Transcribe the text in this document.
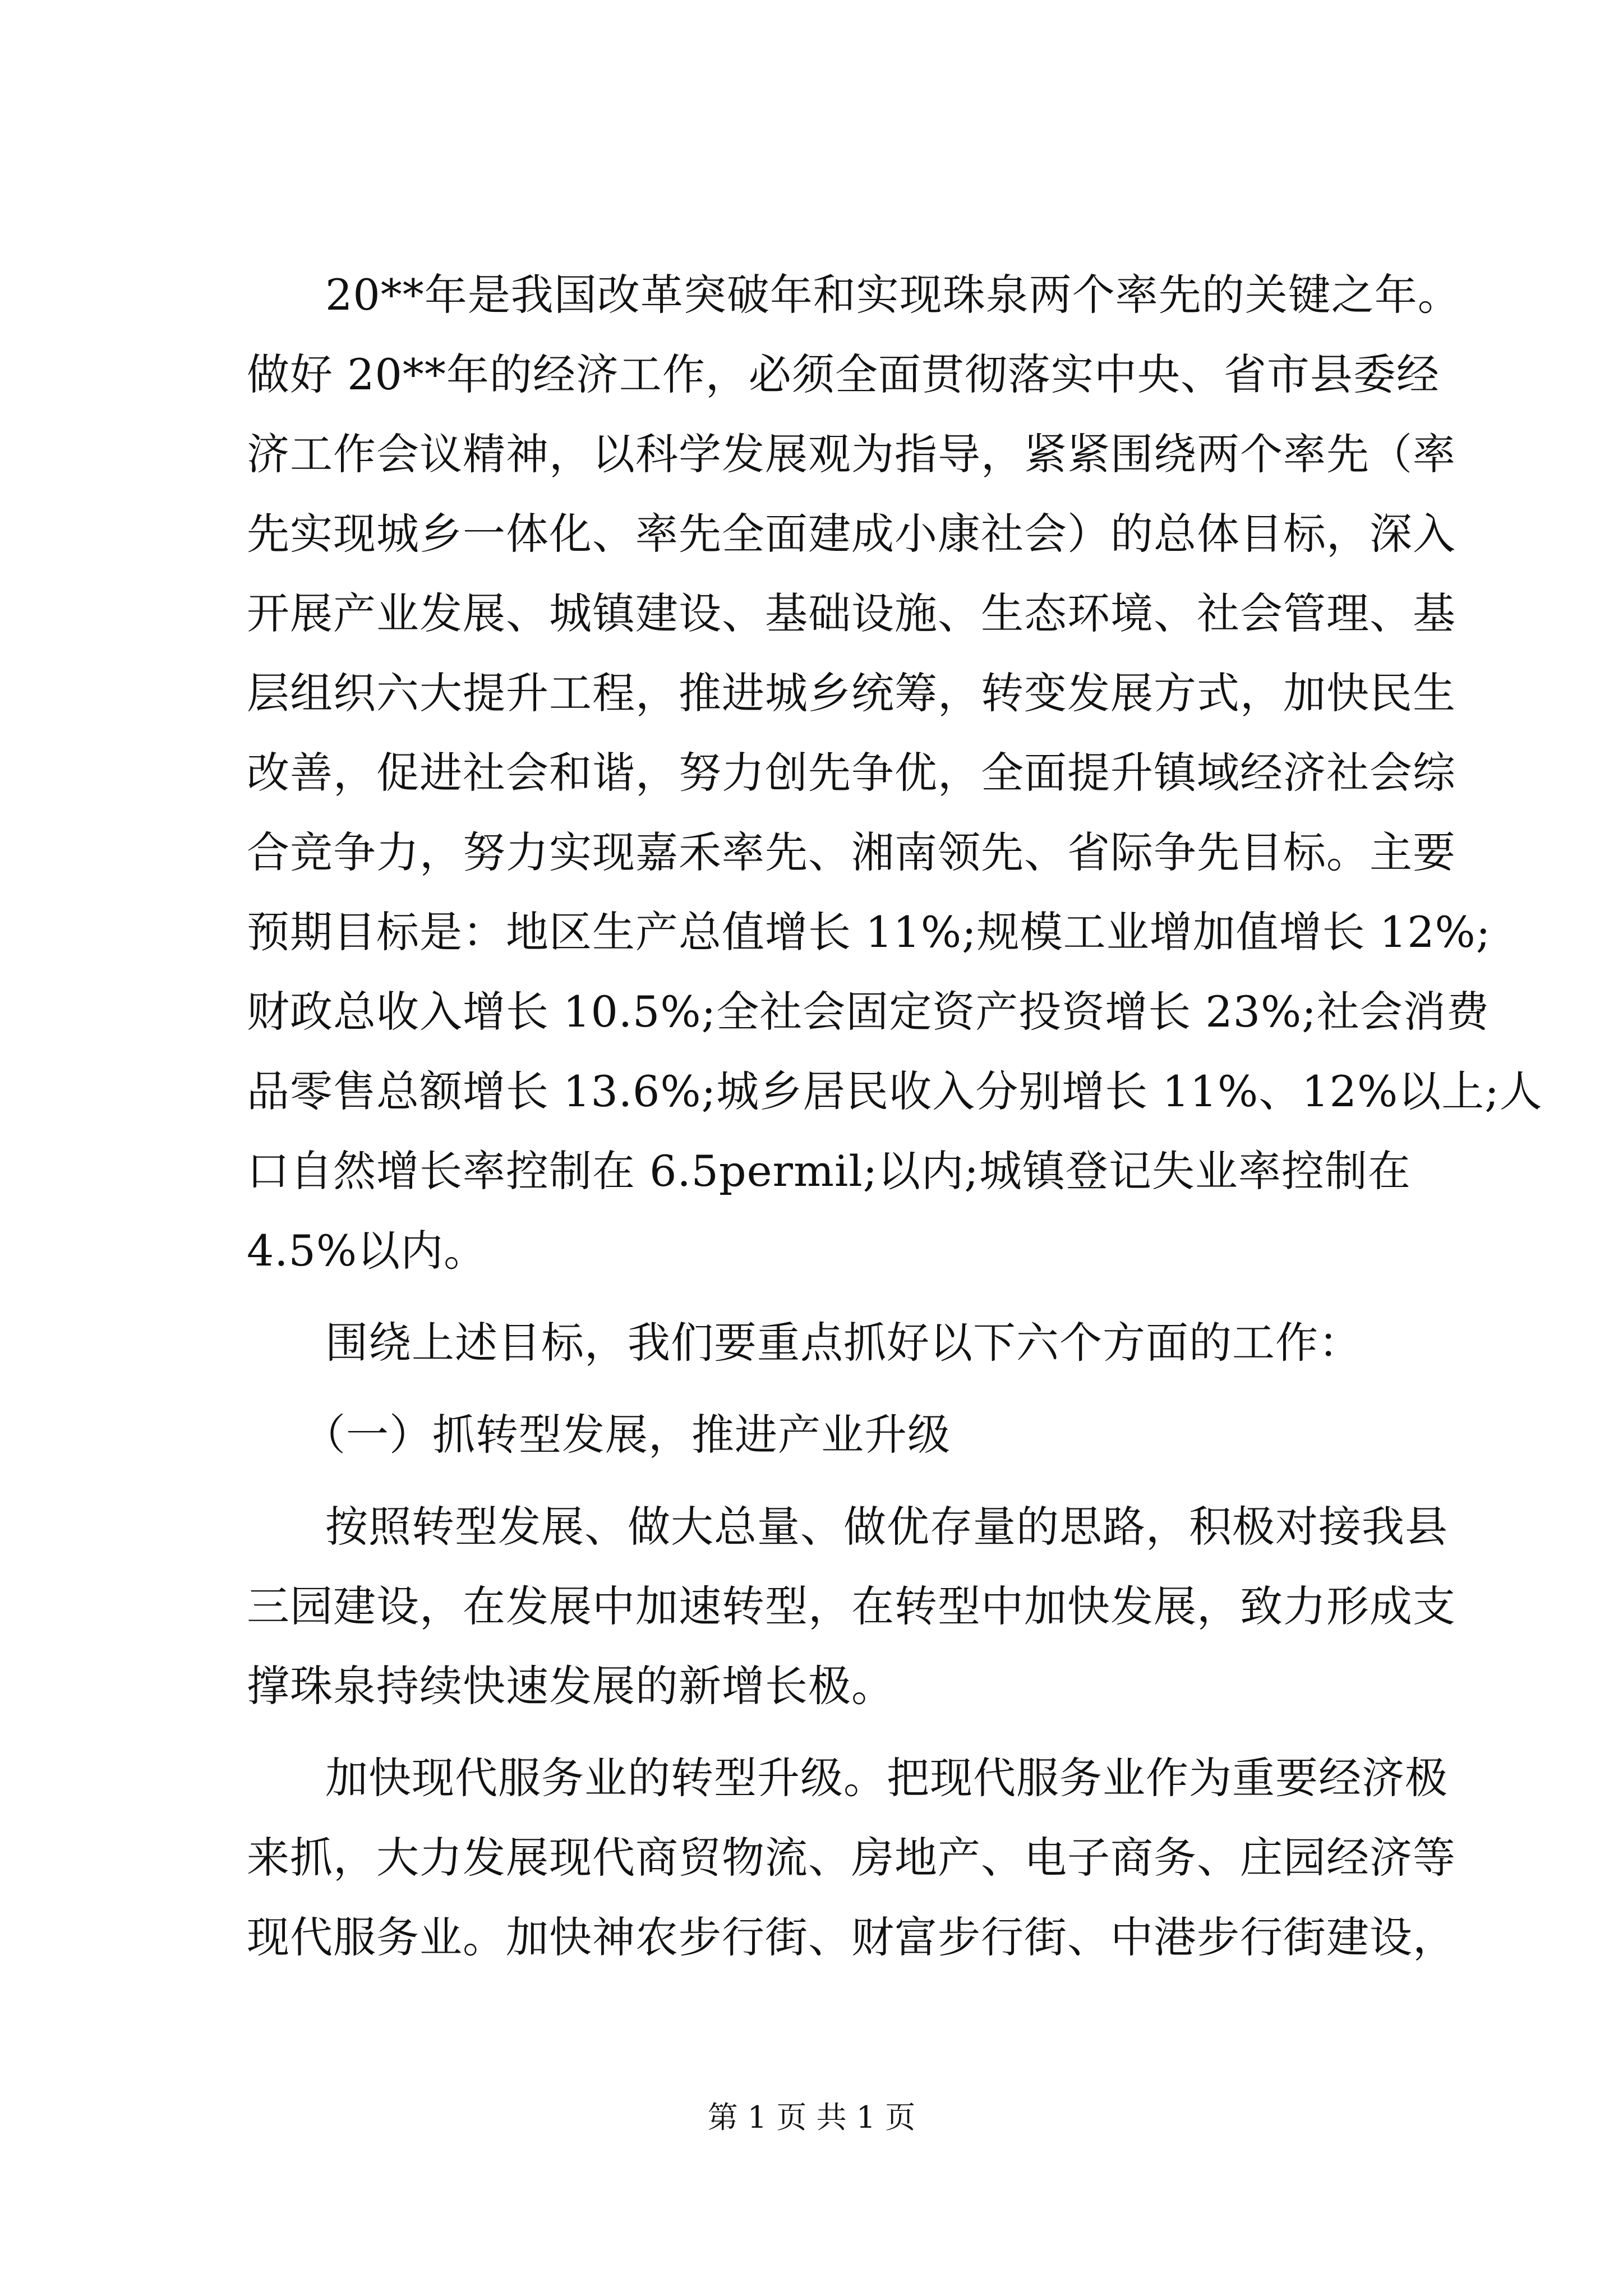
20**年是我国改革突破年和实现珠泉两个率先的关键之年。
做好 20**年的经济工作，必须全面贯彻落实中央、省市县委经
济工作会议精神，以科学发展观为指导，紧紧围绕两个率先（率
先实现城乡一体化、率先全面建成小康社会）的总体目标，深入
开展产业发展、城镇建设、基础设施、生态环境、社会管理、基
层组织六大提升工程，推进城乡统筹，转变发展方式，加快民生
改善，促进社会和谐，努力创先争优，全面提升镇域经济社会综
合竞争力，努力实现嘉禾率先、湘南领先、省际争先目标。主要
预期目标是：地区生产总值增长 11%;规模工业增加值增长 12%;
财政总收入增长 10.5%;全社会固定资产投资增长 23%;社会消费
品零售总额增长 13.6%;城乡居民收入分别增长 11%、12%以上;人
口自然增长率控制在 6.5permil;以内;城镇登记失业率控制在
4.5%以内。
围绕上述目标，我们要重点抓好以下六个方面的工作：
（一）抓转型发展，推进产业升级
按照转型发展、做大总量、做优存量的思路，积极对接我县
三园建设，在发展中加速转型，在转型中加快发展，致力形成支
撑珠泉持续快速发展的新增长极。
加快现代服务业的转型升级。把现代服务业作为重要经济极
来抓，大力发展现代商贸物流、房地产、电子商务、庄园经济等
现代服务业。加快神农步行街、财富步行街、中港步行街建设，
第 1 页 共 1 页
